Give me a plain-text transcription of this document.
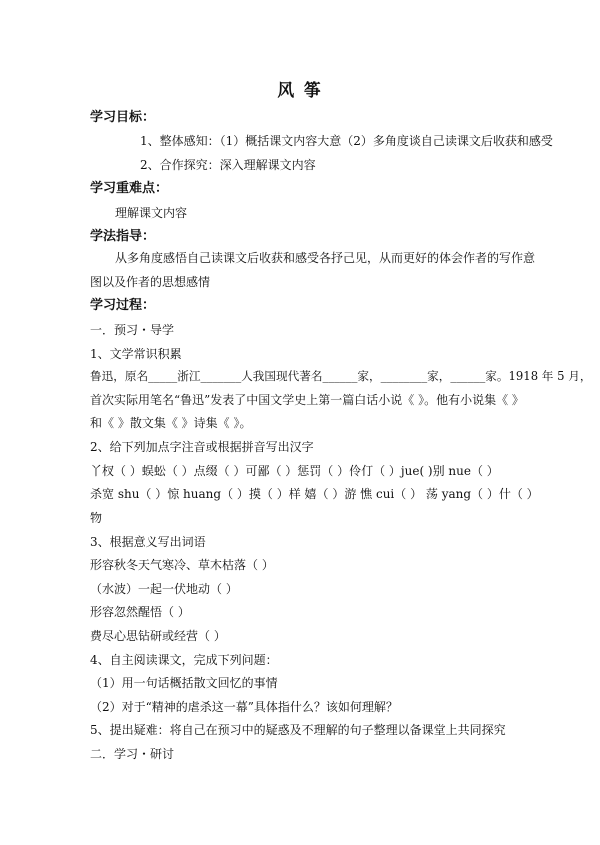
风 筝
学习目标：
1、整体感知：（1）概括课文内容大意（2）多角度谈自己读课文后收获和感受
2、合作探究：深入理解课文内容
学习重难点：
理解课文内容
学法指导：
从多角度感悟自己读课文后收获和感受各抒己见，从而更好的体会作者的写作意
图以及作者的思想感情
学习过程：
一．预习・导学
1、文学常识积累
鲁迅，原名_____浙江_______人我国现代著名______家，________家，______家。1918 年 5 月，
首次实际用笔名“鲁迅”发表了中国文学史上第一篇白话小说《 》。他有小说集《 》
和《 》散文集《 》诗集《 》。
2、给下列加点字注音或根据拼音写出汉字
丫杈（ ）蜈蚣（ ）点缀（ ）可鄙（ ）惩罚（ ）伶仃（ ）jue( )别 nue（ ）
杀宽 shu（ ）惊 huang（ ）摸（ ）样 嬉（ ）游 憔 cui（ ） 荡 yang（ ）什（ ）
物
3、根据意义写出词语
形容秋冬天气寒冷、草木枯落（ ）
（水波）一起一伏地动（ ）
形容忽然醒悟（ ）
费尽心思钻研或经营（ ）
4、自主阅读课文，完成下列问题：
（1）用一句话概括散文回忆的事情
（2）对于“精神的虐杀这一幕”具体指什么？该如何理解？
5、提出疑难：将自己在预习中的疑惑及不理解的句子整理以备课堂上共同探究
二．学习・研讨
